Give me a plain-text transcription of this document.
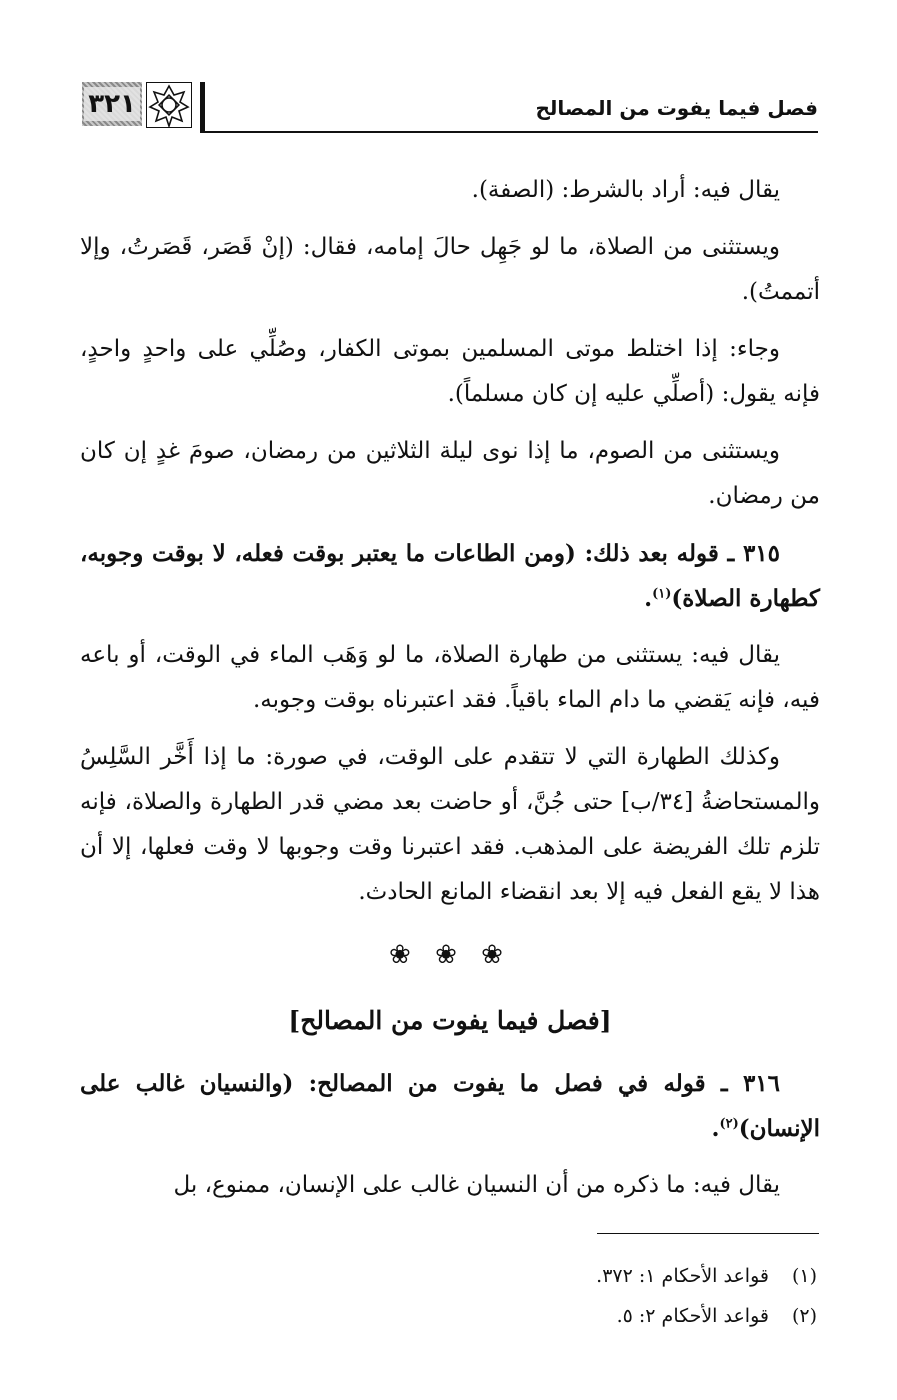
٣٢١	فصل فيما يفوت من المصالح

يقال فيه: أراد بالشرط: (الصفة).

ويستثنى من الصلاة، ما لو جَهِل حالَ إمامه، فقال: (إنْ قَصَر، قَصَرتُ، وإلا أتممتُ).

وجاء: إذا اختلط موتى المسلمين بموتى الكفار، وصُلِّي على واحدٍ واحدٍ، فإنه يقول: (أصلِّي عليه إن كان مسلماً).

ويستثنى من الصوم، ما إذا نوى ليلة الثلاثين من رمضان، صومَ غدٍ إن كان من رمضان.

٣١٥ ـ قوله بعد ذلك: (ومن الطاعات ما يعتبر بوقت فعله، لا بوقت وجوبه، كطهارة الصلاة)$^{(١)}$.

يقال فيه: يستثنى من طهارة الصلاة، ما لو وَهَب الماء في الوقت، أو باعه فيه، فإنه يَقضي ما دام الماء باقياً. فقد اعتبرناه بوقت وجوبه.

وكذلك الطهارة التي لا تتقدم على الوقت، في صورة: ما إذا أَخَّر السَّلِسُ والمستحاضةُ [٣٤/ب] حتى جُنَّ، أو حاضت بعد مضي قدر الطهارة والصلاة، فإنه تلزم تلك الفريضة على المذهب. فقد اعتبرنا وقت وجوبها لا وقت فعلها، إلا أن هذا لا يقع الفعل فيه إلا بعد انقضاء المانع الحادث.

❀ ❀ ❀
[فصل فيما يفوت من المصالح]

٣١٦ ـ قوله في فصل ما يفوت من المصالح: (والنسيان غالب على الإنسان)$^{(٢)}$.

يقال فيه: ما ذكره من أن النسيان غالب على الإنسان، ممنوع، بل

(١)قواعد الأحكام ١: ٣٧٢.
(٢)قواعد الأحكام ٢: ٥.
